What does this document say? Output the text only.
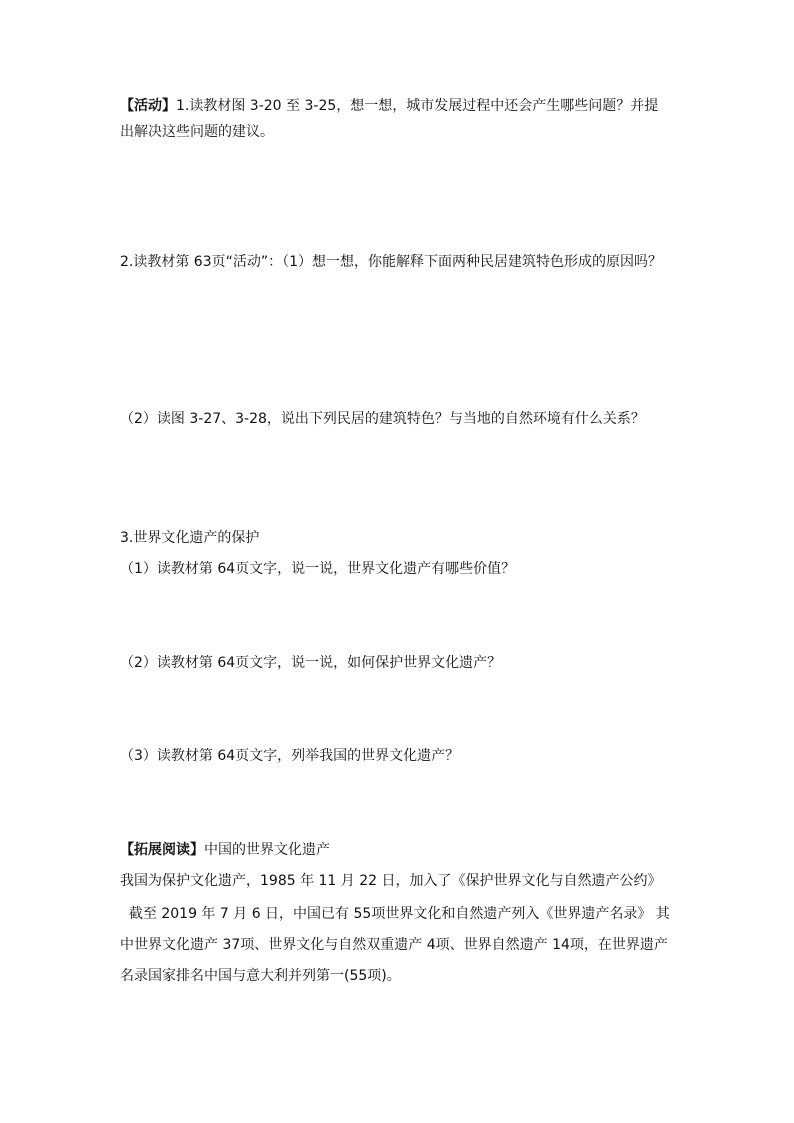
【活动】1.读教材图 3-20 至 3-25，想一想，城市发展过程中还会产生哪些问题？并提出解决这些问题的建议。

2.读教材第 63页“活动”：（1）想一想，你能解释下面两种民居建筑特色形成的原因吗？

（2）读图 3-27、3-28，说出下列民居的建筑特色？与当地的自然环境有什么关系？

3.世界文化遗产的保护

（1）读教材第 64页文字，说一说，世界文化遗产有哪些价值？

（2）读教材第 64页文字，说一说，如何保护世界文化遗产？

（3）读教材第 64页文字，列举我国的世界文化遗产？

【拓展阅读】中国的世界文化遗产

我国为保护文化遗产，1985 年 11 月 22 日，加入了《保护世界文化与自然遗产公约》

截至 2019 年 7 月 6 日，中国已有 55项世界文化和自然遗产列入《世界遗产名录》 其中世界文化遗产 37项、世界文化与自然双重遗产 4项、世界自然遗产 14项，在世界遗产名录国家排名中国与意大利并列第一(55项)。
